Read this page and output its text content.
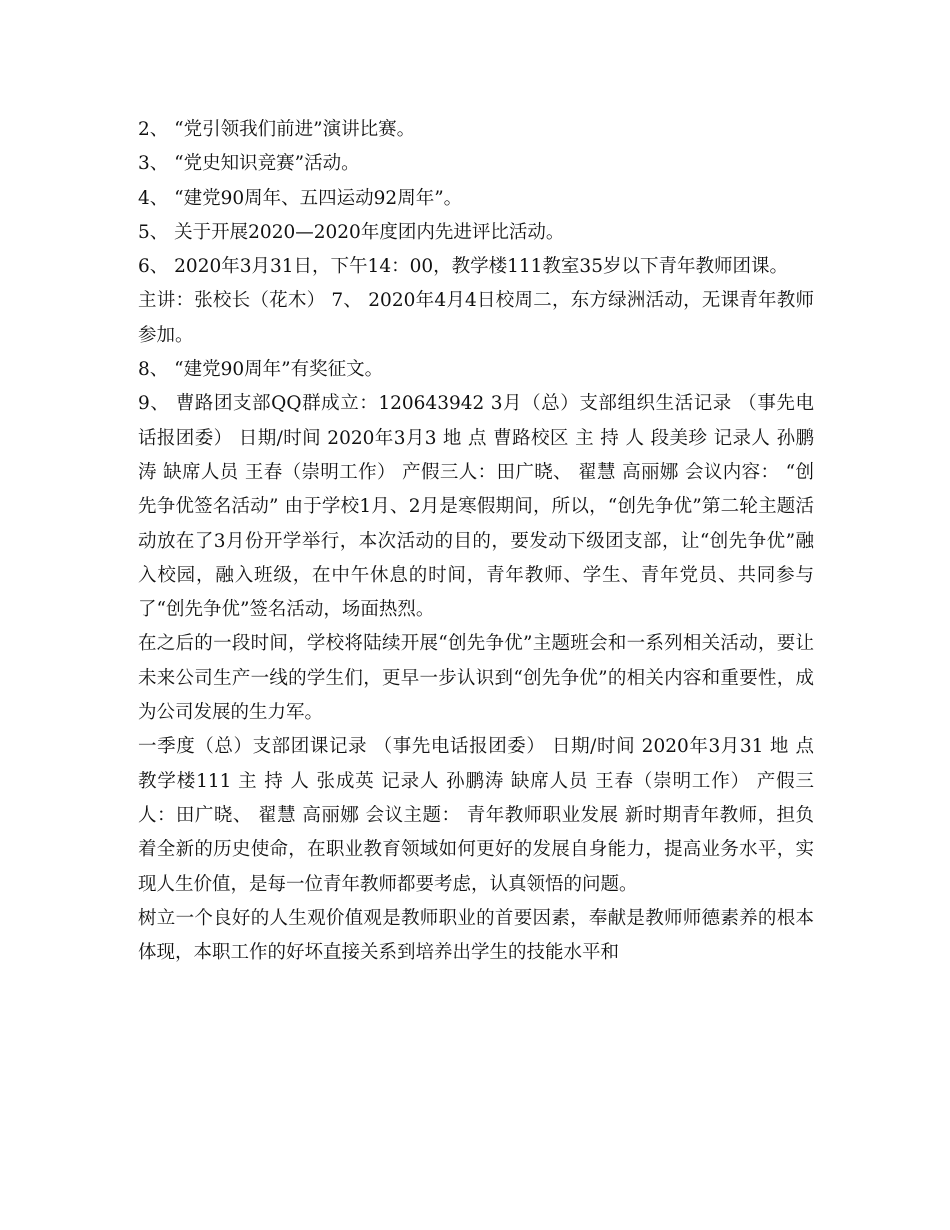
2、 “党引领我们前进”演讲比赛。

3、 “党史知识竞赛”活动。

4、 “建党90周年、五四运动92周年”。

5、 关于开展2020—2020年度团内先进评比活动。

6、 2020年3月31日，下午14：00，教学楼111教室35岁以下青年教师团课。

主讲：张校长（花木） 7、 2020年4月4日校周二，东方绿洲活动，无课青年教师参加。

8、 “建党90周年”有奖征文。

9、 曹路团支部QQ群成立：120643942 3月（总）支部组织生活记录 （事先电话报团委） 日期/时间 2020年3月3 地 点 曹路校区 主 持 人 段美珍 记录人 孙鹏涛 缺席人员 王春（崇明工作） 产假三人：田广晓、 翟慧 高丽娜 会议内容： “创先争优签名活动” 由于学校1月、2月是寒假期间，所以，“创先争优”第二轮主题活动放在了3月份开学举行，本次活动的目的，要发动下级团支部，让“创先争优”融入校园，融入班级，在中午休息的时间，青年教师、学生、青年党员、共同参与了“创先争优”签名活动，场面热烈。

在之后的一段时间，学校将陆续开展“创先争优”主题班会和一系列相关活动，要让未来公司生产一线的学生们，更早一步认识到“创先争优”的相关内容和重要性，成为公司发展的生力军。

一季度（总）支部团课记录 （事先电话报团委） 日期/时间 2020年3月31 地 点 教学楼111 主 持 人 张成英 记录人 孙鹏涛 缺席人员 王春（崇明工作） 产假三人：田广晓、 翟慧 高丽娜 会议主题： 青年教师职业发展 新时期青年教师，担负着全新的历史使命，在职业教育领域如何更好的发展自身能力，提高业务水平，实现人生价值，是每一位青年教师都要考虑，认真领悟的问题。

树立一个良好的人生观价值观是教师职业的首要因素，奉献是教师师德素养的根本体现，本职工作的好坏直接关系到培养出学生的技能水平和
